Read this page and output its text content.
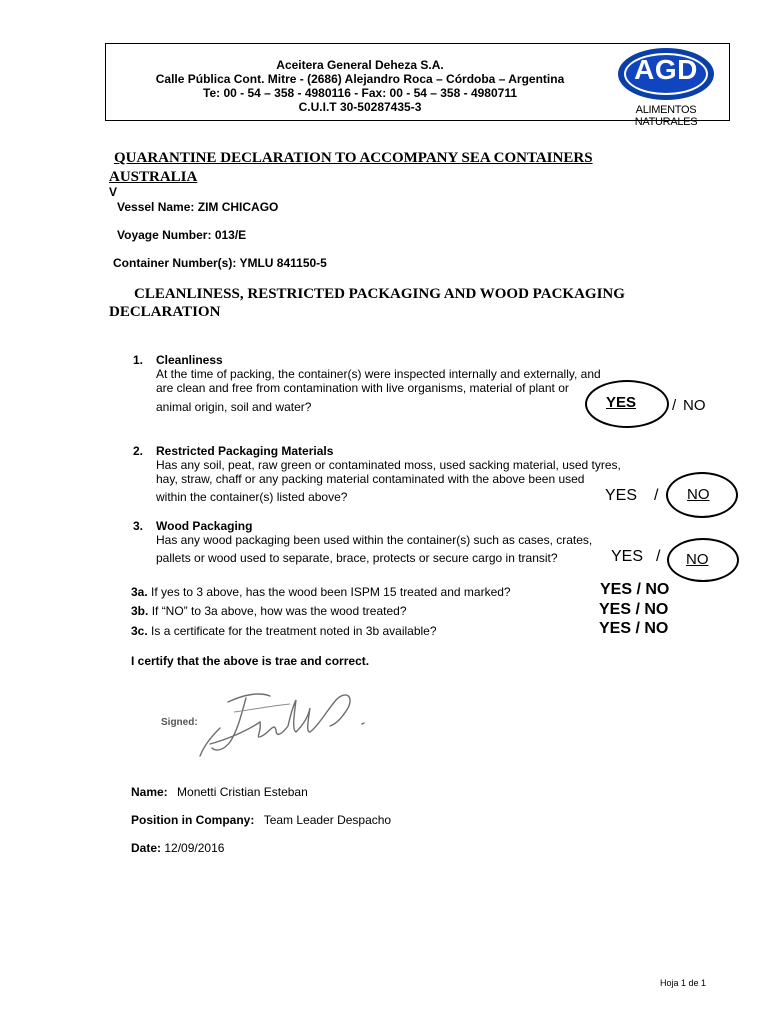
Aceitera General Deheza S.A.
Calle Pública Cont. Mitre - (2686) Alejandro Roca – Córdoba – Argentina
Te: 00 - 54 – 358 - 4980116 - Fax: 00 - 54 – 358 - 4980711
C.U.I.T 30-50287435-3
AGD
ALIMENTOS NATURALES
QUARANTINE DECLARATION TO ACCOMPANY SEA CONTAINERS
AUSTRALIA
V
Vessel Name: ZIM CHICAGO
Voyage Number: 013/E
Container Number(s): YMLU 841150-5
CLEANLINESS, RESTRICTED PACKAGING AND WOOD PACKAGING
DECLARATION
1. Cleanliness
At the time of packing, the container(s) were inspected internally and externally, and
are clean and free from contamination with live organisms, material of plant or
animal origin, soil and water?	YES / NO
2. Restricted Packaging Materials
Has any soil, peat, raw green or contaminated moss, used sacking material, used tyres,
hay, straw, chaff or any packing material contaminated with the above been used
within the container(s) listed above?	YES / NO
3. Wood Packaging
Has any wood packaging been used within the container(s) such as cases, crates,
pallets or wood used to separate, brace, protects or secure cargo in transit?	YES / NO
3a. If yes to 3 above, has the wood been ISPM 15 treated and marked?	YES / NO
3b. If “NO” to 3a above, how was the wood treated?	YES / NO
3c. Is a certificate for the treatment noted in 3b available?	YES / NO
I certify that the above is trae and correct.
Signed:
Name: Monetti Cristian Esteban
Position in Company: Team Leader Despacho
Date: 12/09/2016
Hoja 1 de 1
